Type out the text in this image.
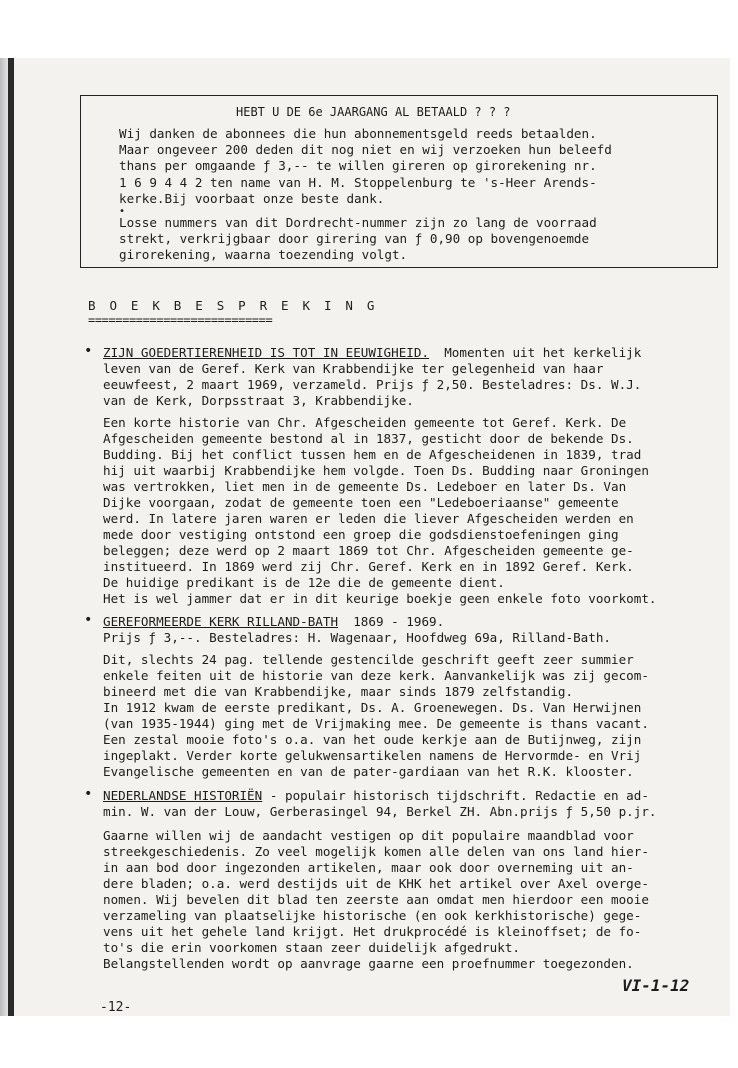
HEBT U DE 6e JAARGANG AL BETAALD ? ? ?
Wij danken de abonnees die hun abonnementsgeld reeds betaalden.
Maar ongeveer 200 deden dit nog niet en wij verzoeken hun beleefd
thans per omgaande ƒ 3,-- te willen gireren op girorekening nr.
1 6 9 4 4 2 ten name van H. M. Stoppelenburg te 's-Heer Arends-
kerke.Bij voorbaat onze beste dank.
•
Losse nummers van dit Dordrecht-nummer zijn zo lang de voorraad
strekt, verkrijgbaar door girering van ƒ 0,90 op bovengenoemde
girorekening, waarna toezending volgt.
B O E K B E S P R E K I N G
===========================
• ZIJN GOEDERTIERENHEID IS TOT IN EEUWIGHEID. Momenten uit het kerkelijk
leven van de Geref. Kerk van Krabbendijke ter gelegenheid van haar
eeuwfeest, 2 maart 1969, verzameld. Prijs ƒ 2,50. Besteladres: Ds. W.J.
van de Kerk, Dorpsstraat 3, Krabbendijke.
Een korte historie van Chr. Afgescheiden gemeente tot Geref. Kerk. De
Afgescheiden gemeente bestond al in 1837, gesticht door de bekende Ds.
Budding. Bij het conflict tussen hem en de Afgescheidenen in 1839, trad
hij uit waarbij Krabbendijke hem volgde. Toen Ds. Budding naar Groningen
was vertrokken, liet men in de gemeente Ds. Ledeboer en later Ds. Van
Dijke voorgaan, zodat de gemeente toen een "Ledeboeriaanse" gemeente
werd. In latere jaren waren er leden die liever Afgescheiden werden en
mede door vestiging ontstond een groep die godsdienstoefeningen ging
beleggen; deze werd op 2 maart 1869 tot Chr. Afgescheiden gemeente ge-
institueerd. In 1869 werd zij Chr. Geref. Kerk en in 1892 Geref. Kerk.
De huidige predikant is de 12e die de gemeente dient.
Het is wel jammer dat er in dit keurige boekje geen enkele foto voorkomt.
• GEREFORMEERDE KERK RILLAND-BATH 1869 - 1969.
Prijs ƒ 3,--. Besteladres: H. Wagenaar, Hoofdweg 69a, Rilland-Bath.
Dit, slechts 24 pag. tellende gestencilde geschrift geeft zeer summier
enkele feiten uit de historie van deze kerk. Aanvankelijk was zij gecom-
bineerd met die van Krabbendijke, maar sinds 1879 zelfstandig.
In 1912 kwam de eerste predikant, Ds. A. Groenewegen. Ds. Van Herwijnen
(van 1935-1944) ging met de Vrijmaking mee. De gemeente is thans vacant.
Een zestal mooie foto's o.a. van het oude kerkje aan de Butijnweg, zijn
ingeplakt. Verder korte gelukwensartikelen namens de Hervormde- en Vrij
Evangelische gemeenten en van de pater-gardiaan van het R.K. klooster.
• NEDERLANDSE HISTORIËN - populair historisch tijdschrift. Redactie en ad-
min. W. van der Louw, Gerberasingel 94, Berkel ZH. Abn.prijs ƒ 5,50 p.jr.
Gaarne willen wij de aandacht vestigen op dit populaire maandblad voor
streekgeschiedenis. Zo veel mogelijk komen alle delen van ons land hier-
in aan bod door ingezonden artikelen, maar ook door overneming uit an-
dere bladen; o.a. werd destijds uit de KHK het artikel over Axel overge-
nomen. Wij bevelen dit blad ten zeerste aan omdat men hierdoor een mooie
verzameling van plaatselijke historische (en ook kerkhistorische) gege-
vens uit het gehele land krijgt. Het drukprocédé is kleinoffset; de fo-
to's die erin voorkomen staan zeer duidelijk afgedrukt.
Belangstellenden wordt op aanvrage gaarne een proefnummer toegezonden.
VI-1-12
-12-
